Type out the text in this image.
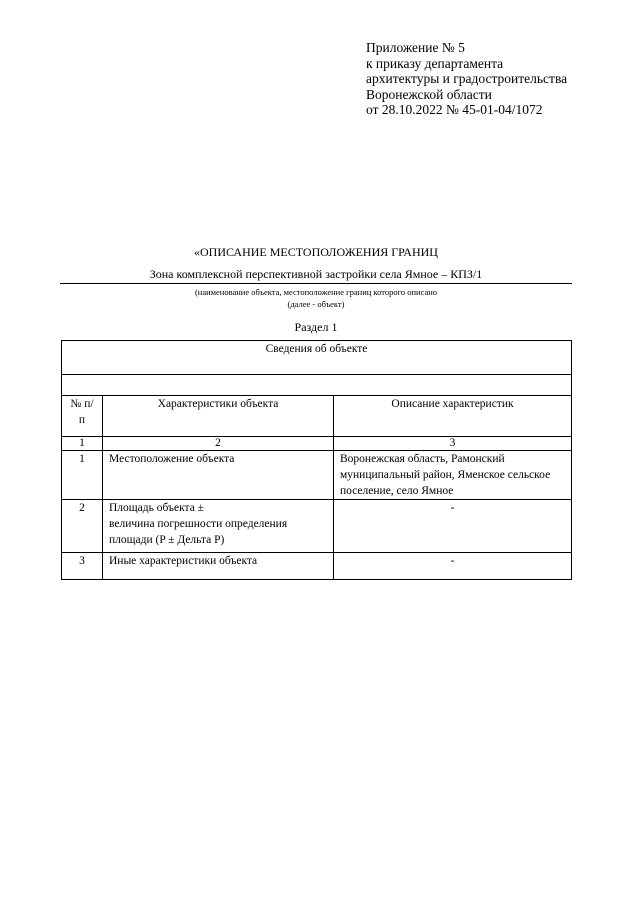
Приложение № 5
к приказу департамента
архитектуры и градостроительства
Воронежской области
от 28.10.2022 № 45-01-04/1072
«ОПИСАНИЕ МЕСТОПОЛОЖЕНИЯ ГРАНИЦ
Зона комплексной перспективной застройки села Ямное – КПЗ/1
(наименование объекта, местоположение границ которого описано
(далее - объект)
Раздел 1
Сведения об объекте		

№ п/п	Характеристики объекта	Описание характеристик
1	2	3
1	Местоположение объекта	Воронежская область, Рамонский муниципальный район, Яменское сельское поселение, село Ямное
2	Площадь объекта ±
величина погрешности определения площади (P ± Дельта P)	-
3	Иные характеристики объекта	-
